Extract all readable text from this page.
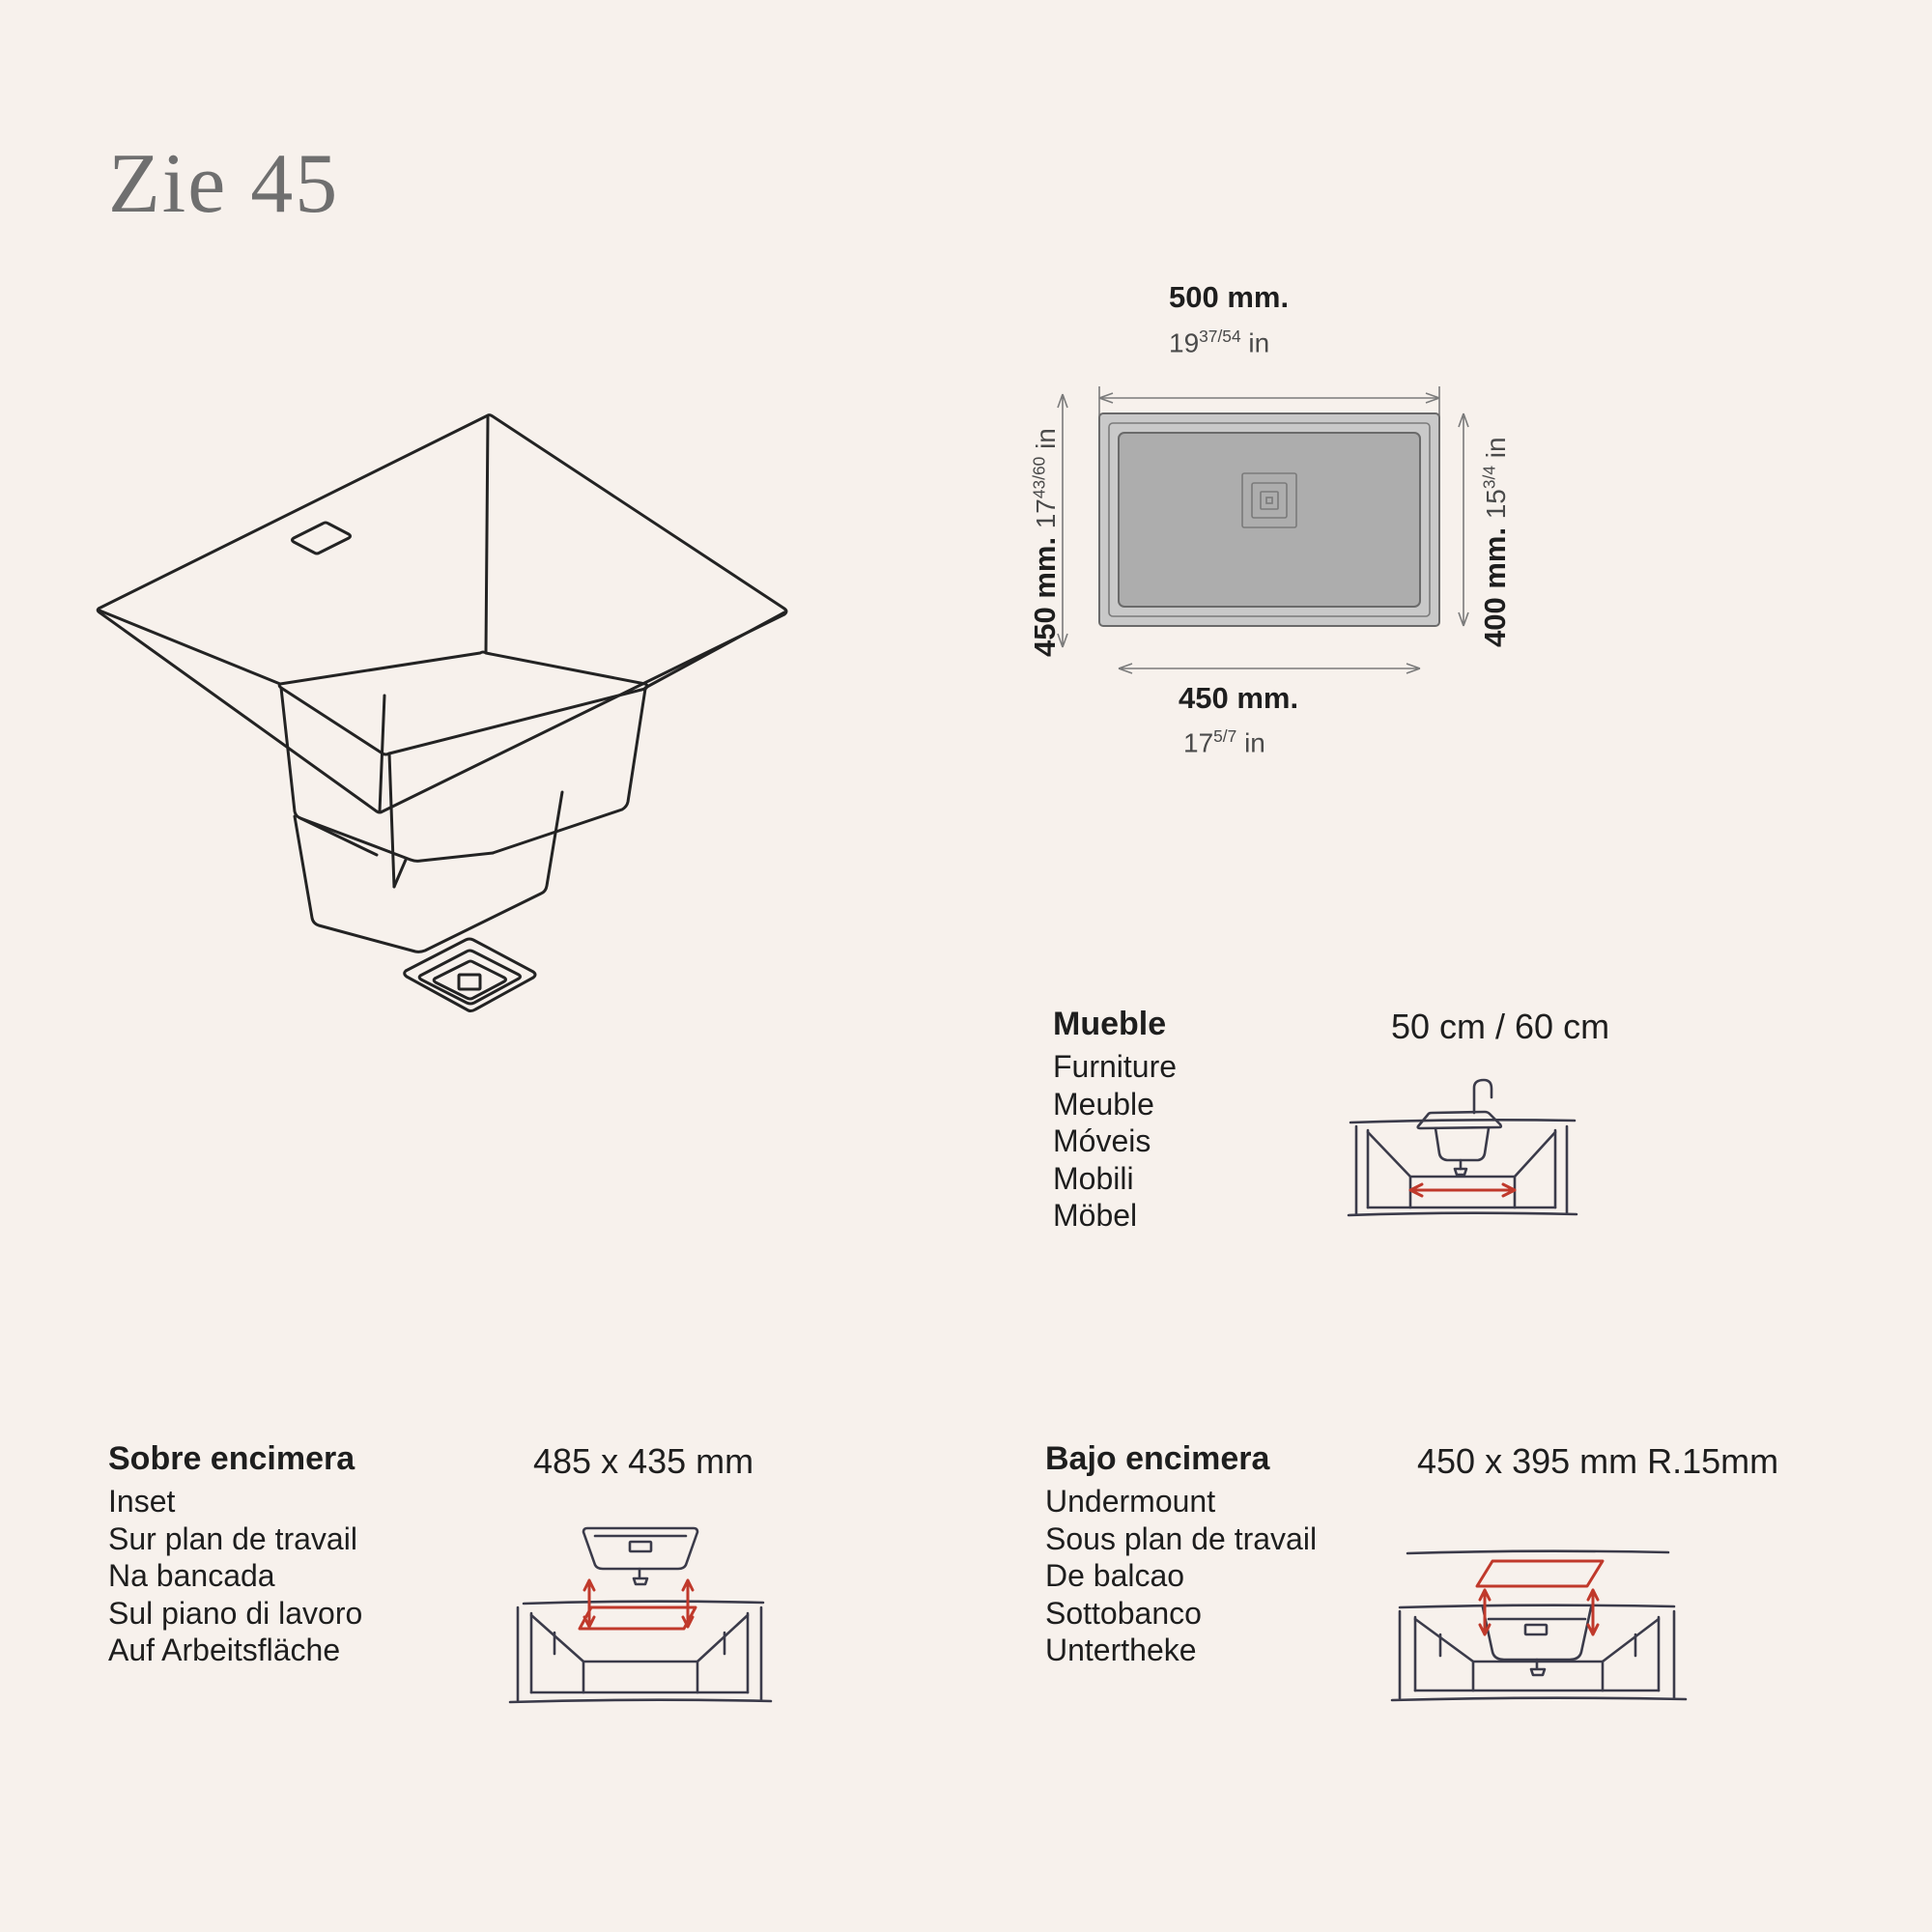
Zie 45
500 mm.
$19^{37/54}$ in
450 mm. $17^{43/60}$ in
400 mm. $15^{3/4}$ in
450 mm.
$17^{5/7}$ in
Mueble
Furniture
Meuble
Móveis
Mobili
Möbel
50 cm / 60 cm
Sobre encimera
Inset
Sur plan de travail
Na bancada
Sul piano di lavoro
Auf Arbeitsfläche
485 x 435 mm	Bajo encimera
Undermount
Sous plan de travail
De balcao
Sottobanco
Untertheke
450 x 395 mm R.15mm
